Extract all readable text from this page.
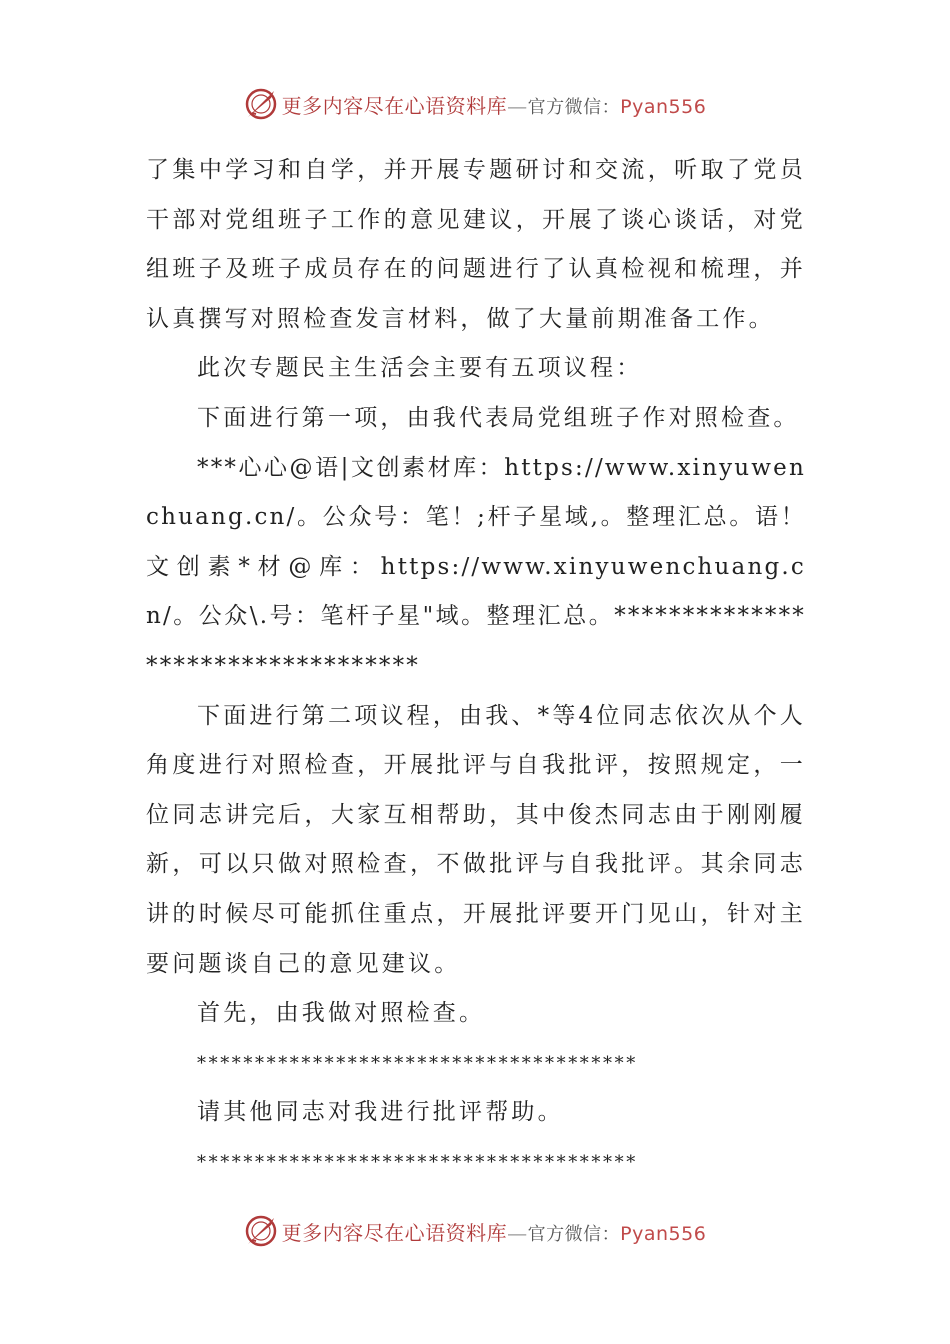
更多内容尽在心语资料库—官方微信：Pyan556

了集中学习和自学，并开展专题研讨和交流，听取了党员干部对党组班子工作的意见建议，开展了谈心谈话，对党组班子及班子成员存在的问题进行了认真检视和梳理，并认真撰写对照检查发言材料，做了大量前期准备工作。

此次专题民主生活会主要有五项议程：

下面进行第一项，由我代表局党组班子作对照检查。

***心心@语|文创素材库：https://www.xinyuwenchuang.cn/。公众号：笔！;杆子星域,。整理汇总。语！文创素*材@库：https://www.xinyuwenchuang.cn/。公众\.号：笔杆子星"域。整理汇总。**********************************

下面进行第二项议程，由我、*等4位同志依次从个人角度进行对照检查，开展批评与自我批评，按照规定，一位同志讲完后，大家互相帮助，其中俊杰同志由于刚刚履新，可以只做对照检查，不做批评与自我批评。其余同志讲的时候尽可能抓住重点，开展批评要开门见山，针对主要问题谈自己的意见建议。

首先，由我做对照检查。

**************************************

请其他同志对我进行批评帮助。

**************************************

更多内容尽在心语资料库—官方微信：Pyan556
